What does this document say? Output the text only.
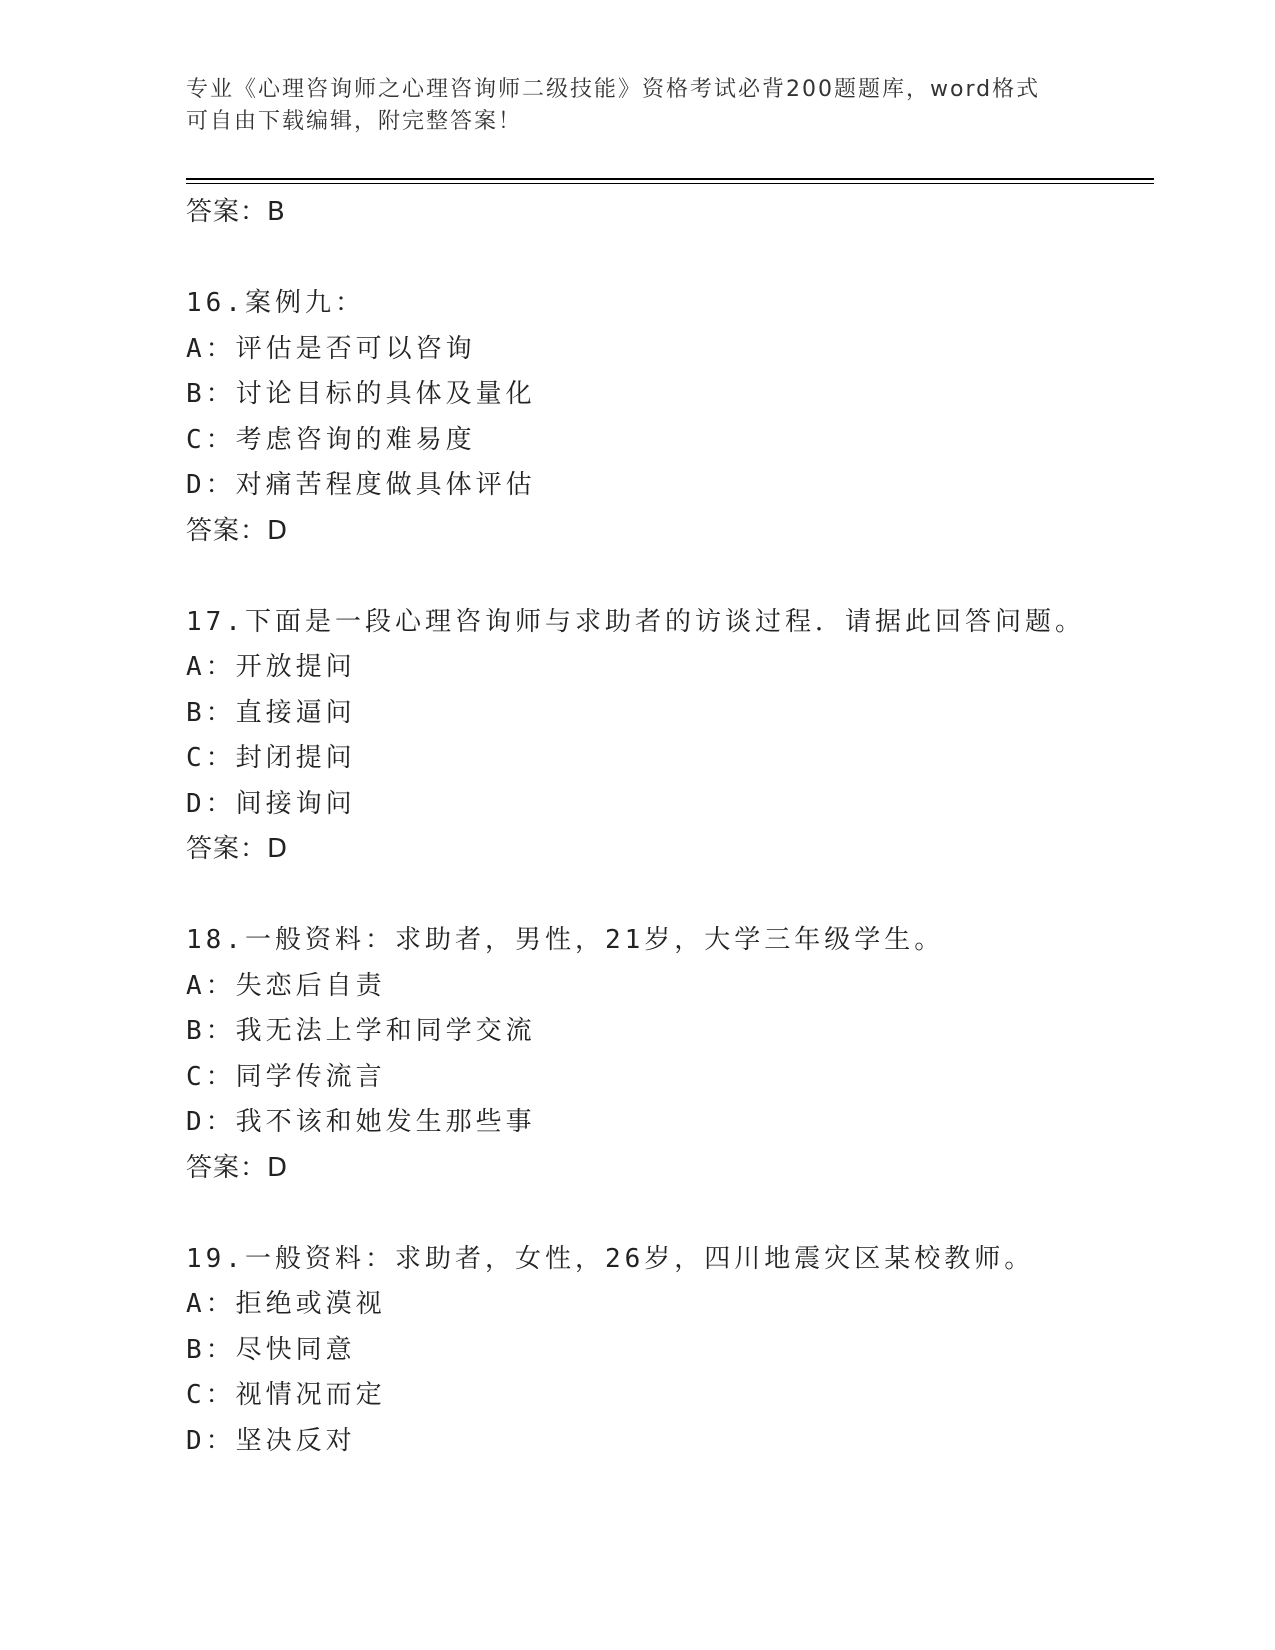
专业《心理咨询师之心理咨询师二级技能》资格考试必背200题题库，word格式
可自由下载编辑，附完整答案！
答案：B
16.案例九：
A：评估是否可以咨询
B：讨论目标的具体及量化
C：考虑咨询的难易度
D：对痛苦程度做具体评估
答案：D
17.下面是一段心理咨询师与求助者的访谈过程．请据此回答问题。
A：开放提问
B：直接逼问
C：封闭提问
D：间接询问
答案：D
18.一般资料：求助者，男性，21岁，大学三年级学生。
A：失恋后自责
B：我无法上学和同学交流
C：同学传流言
D：我不该和她发生那些事
答案：D
19.一般资料：求助者，女性，26岁，四川地震灾区某校教师。
A：拒绝或漠视
B：尽快同意
C：视情况而定
D：坚决反对
